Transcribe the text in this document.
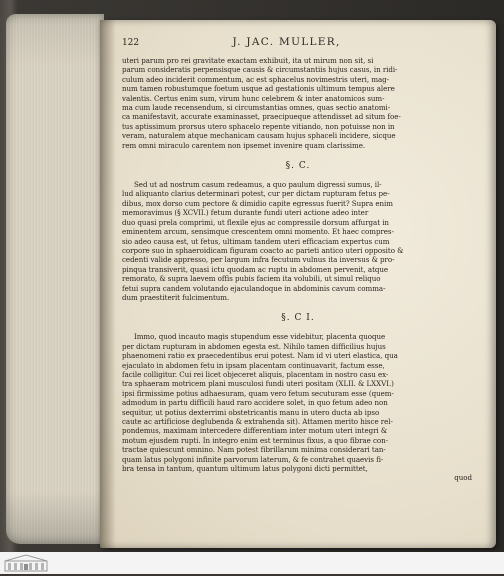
122	J. JAC. MULLER,
uteri parum pro rei gravitate exactam exhibuit, ita ut mirum non sit, si
parum consideratis perpensisque causis & circumstantiis hujus casus, in ridi-
culum adeo inciderit commentum, ac est sphacelus novimestris uteri, mag-
num tamen robustumque foetum usque ad gestationis ultimum tempus alere
valentis. Certus enim sum, virum hunc celebrem & inter anatomicos sum-
ma cum laude recensendum, si circumstantias omnes, quas sectio anatomi-
ca manifestavit, accurate examinasset, praecipueque attendisset ad situm foe-
tus aptissimum prorsus utero sphacelo repente vitiando, non potuisse non in
veram, naturalem atque mechanicam causam hujus sphaceli incidere, sicque
rem omni miraculo carentem non ipsemet invenire quam clarissime.
§. C.
Sed ut ad nostrum casum redeamus, a quo paulum digressi sumus, il-
lud aliquanto clarius determinari potest, cur per dictam rupturam fetus pe-
dibus, mox dorso cum pectore & dimidio capite egressus fuerit? Supra enim
memoravimus (§ XCVII.) fetum durante fundi uteri actione adeo inter
duo quasi prela comprimi, ut flexile ejus ac compressile dorsum affurgat in
eminentem arcum, sensimque crescentem omni momento. Et haec compres-
sio adeo causa est, ut fetus, ultimam tandem uteri efficaciam expertus cum
corpore suo in sphaeroidicam figuram coacto ac parieti antico uteri opposito &
cedenti valide appresso, per largum infra fecutum vulnus ita inversus & pro-
pinqua transiverit, quasi ictu quodam ac ruptu in abdomen pervenit, atque
remorato, & supra laevem offis pubis faciem ita volubili, ut simul reliquo
fetui supra candem volutando ejaculandoque in abdominis cavum comma-
dum praestiterit fulcimentum.
§. C I.
Immo, quod incauto magis stupendum esse videbitur, placenta quoque
per dictam rupturam in abdomen egesta est. Nihilo tamen difficilius hujus
phaenomeni ratio ex praecedentibus erui potest. Nam id vi uteri elastica, qua
ejaculato in abdomen fetu in ipsam placentam continuavarit, factum esse,
facile colligitur. Cui rei licet objeceret aliquis, placentam in nostro casu ex-
tra sphaeram motricem plani musculosi fundi uteri positam (XLII. & LXXVI.)
ipsi firmissime potius adhaesuram, quam vero fetum secuturam esse (quem-
admodum in partu difficili haud raro accidere solet, in quo fetum adeo non
sequitur, ut potius dexterrimi obstetricantis manu in utero ducta ab ipso
caute ac artificiose deglubenda & extrahenda sit). Attamen merito hisce rel-
pondemus, maximam intercedere differentiam inter motum uteri integri &
motum ejusdem rupti. In integro enim est terminus fixus, a quo fibrae con-
tractae quiescunt omnino. Nam potest fibrillarum minima considerari tan-
quam latus polygoni infinite parvorum laterum, & fe contrahet quaevis fi-
bra tensa in tantum, quantum ultimum latus polygoni dicti permittet,
quod
